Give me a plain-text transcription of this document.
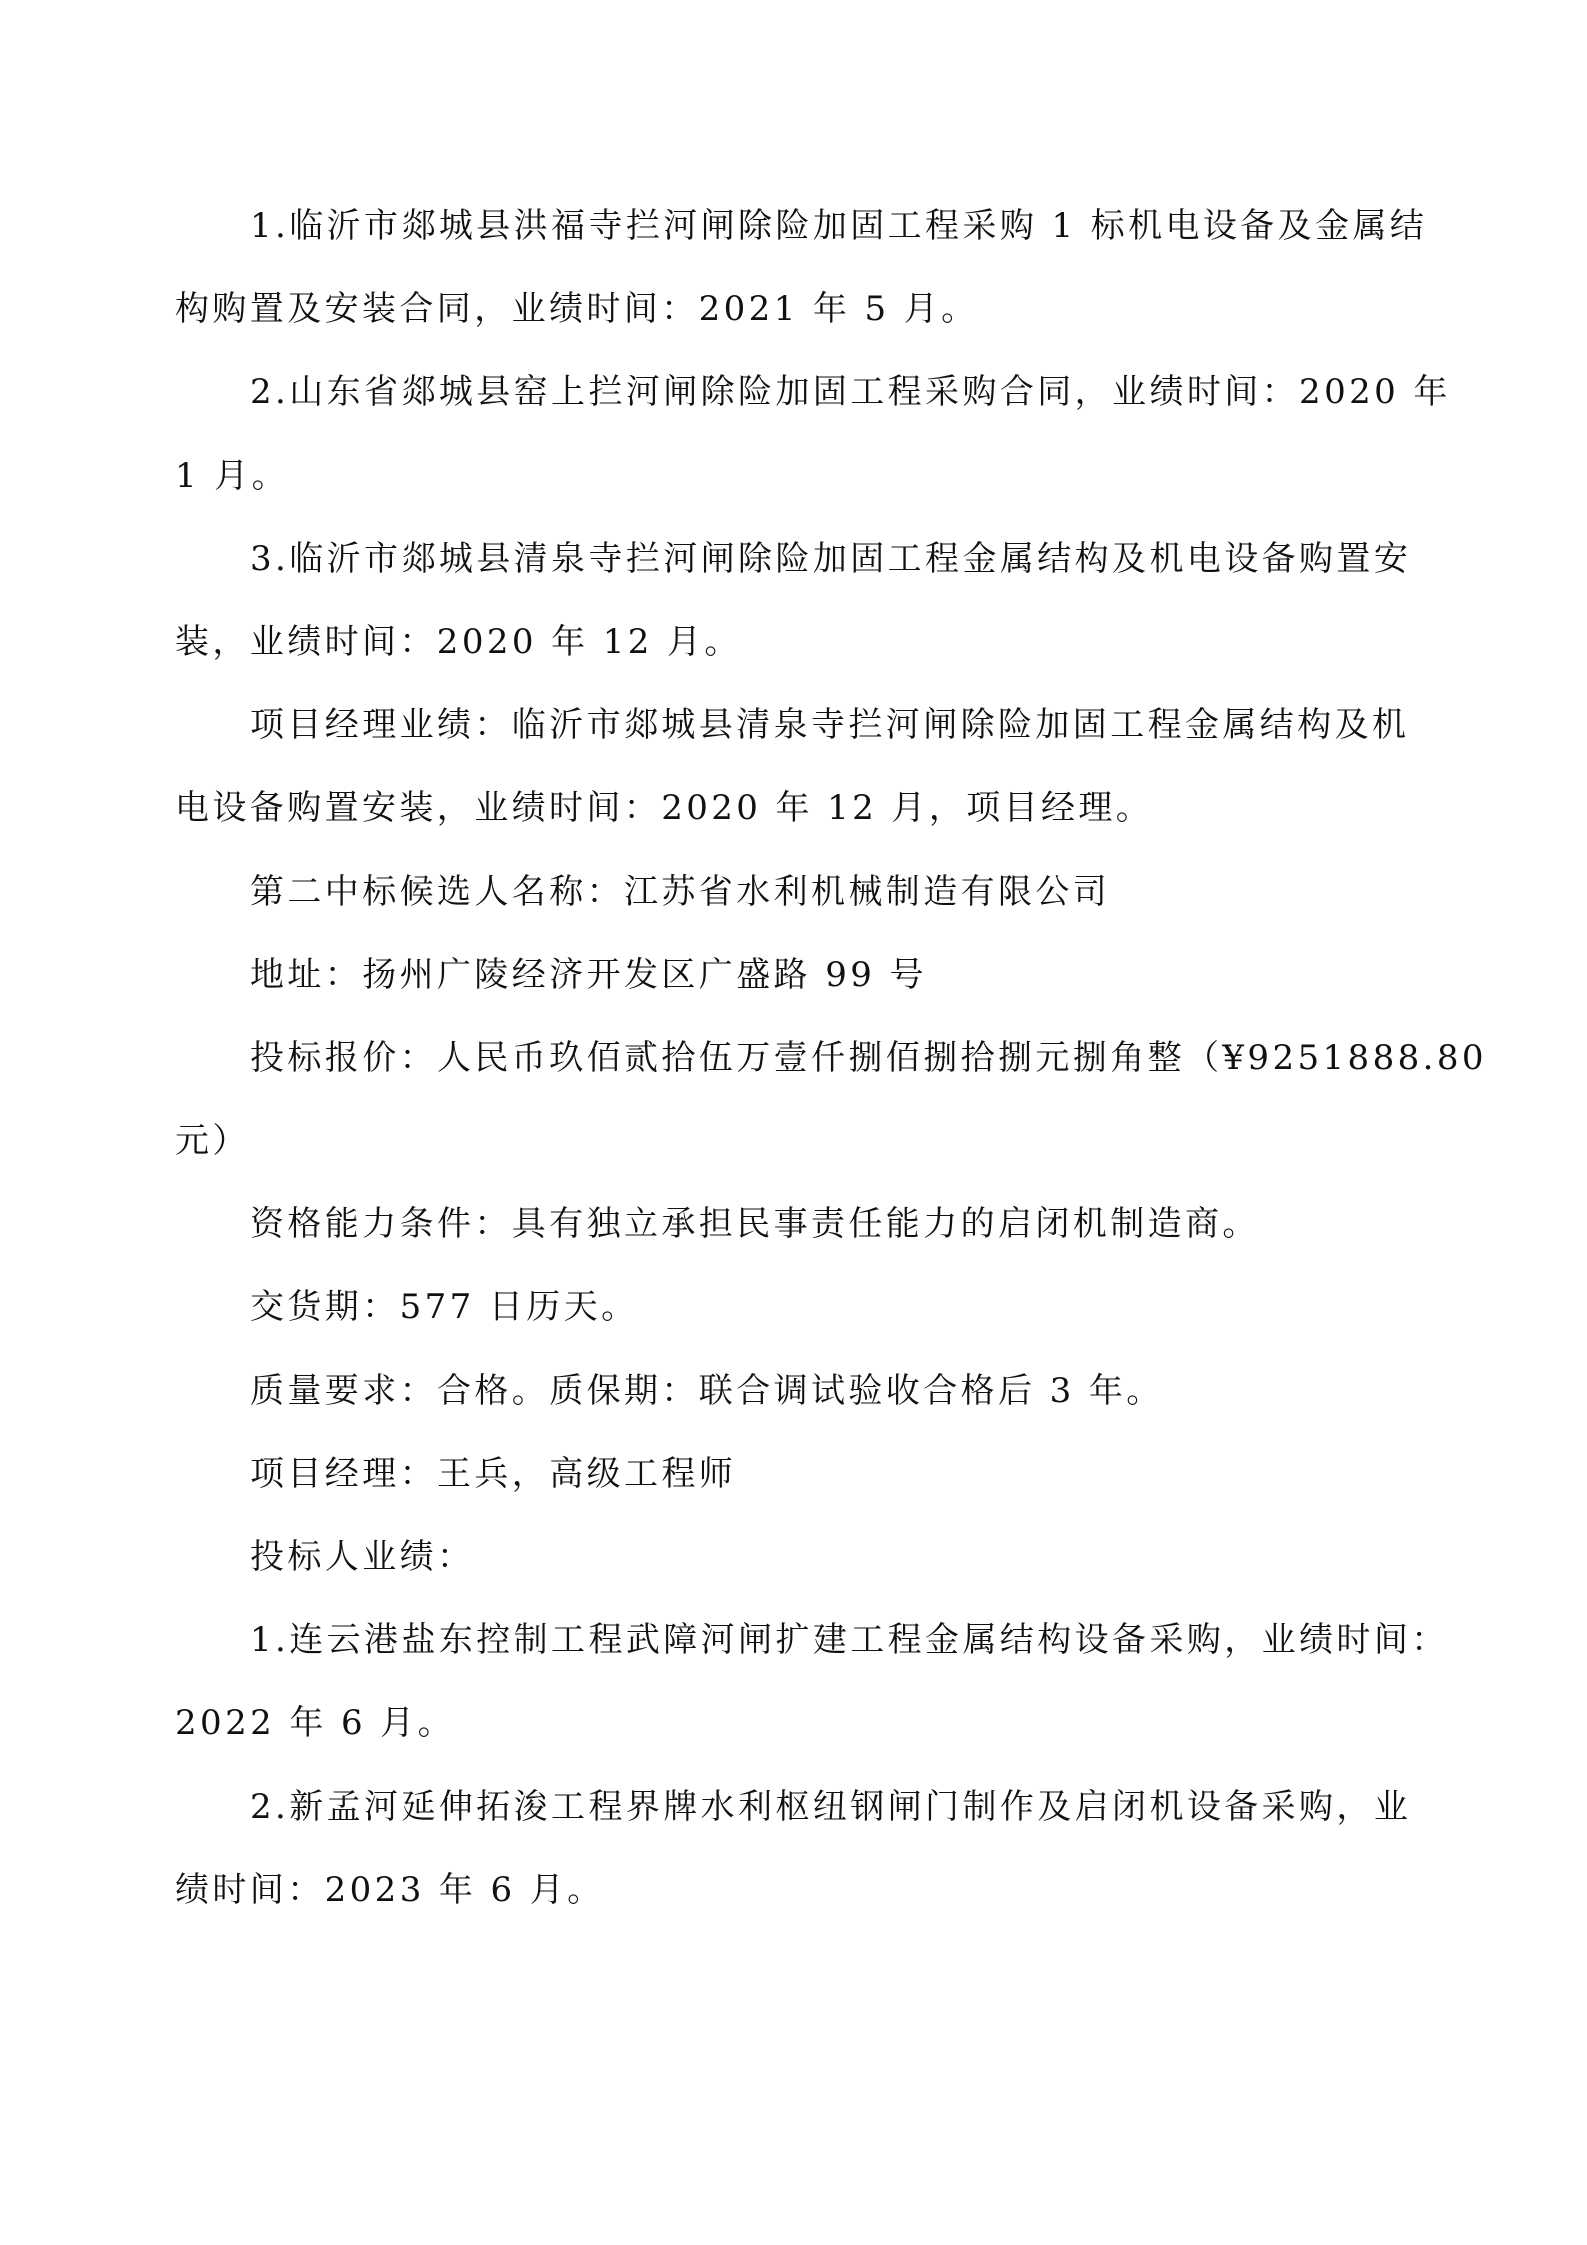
1.临沂市郯城县洪福寺拦河闸除险加固工程采购 1 标机电设备及金属结
构购置及安装合同，业绩时间：2021 年 5 月。
2.山东省郯城县窑上拦河闸除险加固工程采购合同，业绩时间：2020 年
1 月。
3.临沂市郯城县清泉寺拦河闸除险加固工程金属结构及机电设备购置安
装，业绩时间：2020 年 12 月。
项目经理业绩：临沂市郯城县清泉寺拦河闸除险加固工程金属结构及机
电设备购置安装，业绩时间：2020 年 12 月，项目经理。
第二中标候选人名称：江苏省水利机械制造有限公司
地址：扬州广陵经济开发区广盛路 99 号
投标报价：人民币玖佰贰拾伍万壹仟捌佰捌拾捌元捌角整（¥9251888.80
元）
资格能力条件：具有独立承担民事责任能力的启闭机制造商。
交货期：577 日历天。
质量要求：合格。质保期：联合调试验收合格后 3 年。
项目经理：王兵，高级工程师
投标人业绩：
1.连云港盐东控制工程武障河闸扩建工程金属结构设备采购，业绩时间：
2022 年 6 月。
2.新孟河延伸拓浚工程界牌水利枢纽钢闸门制作及启闭机设备采购，业
绩时间：2023 年 6 月。
